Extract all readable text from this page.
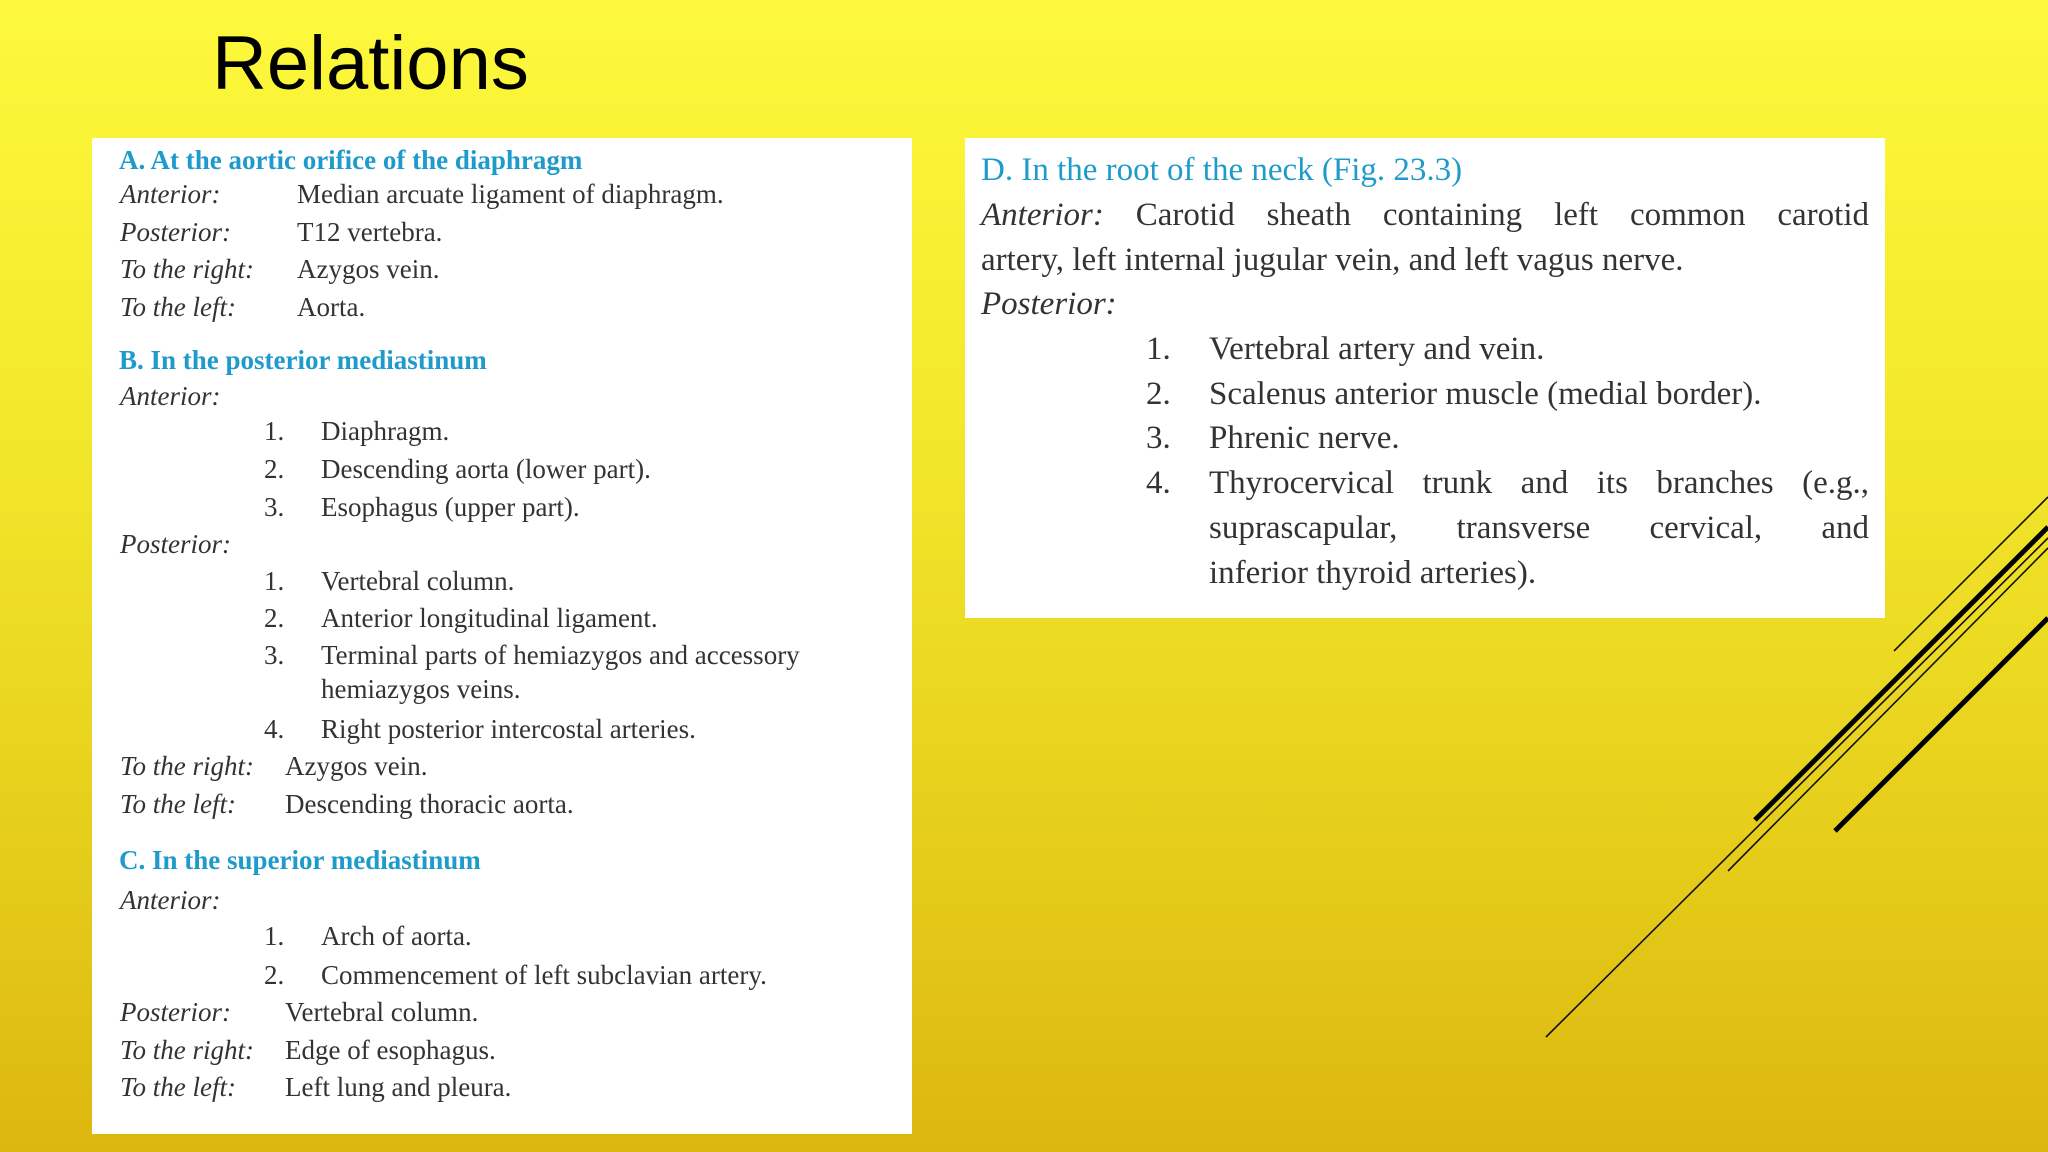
Relations
A. At the aortic orifice of the diaphragm
Anterior:	Median arcuate ligament of diaphragm.
Posterior: T12 vertebra.
To the right: Azygos vein.
To the left: Aorta.
B. In the posterior mediastinum
Anterior:
1. Diaphragm.
2. Descending aorta (lower part).
3. Esophagus (upper part).
Posterior:
1. Vertebral column.
2. Anterior longitudinal ligament.
3. Terminal parts of hemiazygos and accessory
hemiazygos veins.
4. Right posterior intercostal arteries.
To the right: Azygos vein.
To the left: Descending thoracic aorta.
C. In the superior mediastinum
Anterior:
1. Arch of aorta.
2. Commencement of left subclavian artery.
Posterior: Vertebral column.
To the right: Edge of esophagus.
To the left: Left lung and pleura.
D. In the root of the neck (Fig. 23.3)
Anterior: Carotid sheath containing left common carotid
artery, left internal jugular vein, and left vagus nerve.
Posterior:
1. Vertebral artery and vein.
2. Scalenus anterior muscle (medial border).
3. Phrenic nerve.
4. Thyrocervical trunk and its branches (e.g.,
suprascapular, transverse cervical, and
inferior thyroid arteries).
